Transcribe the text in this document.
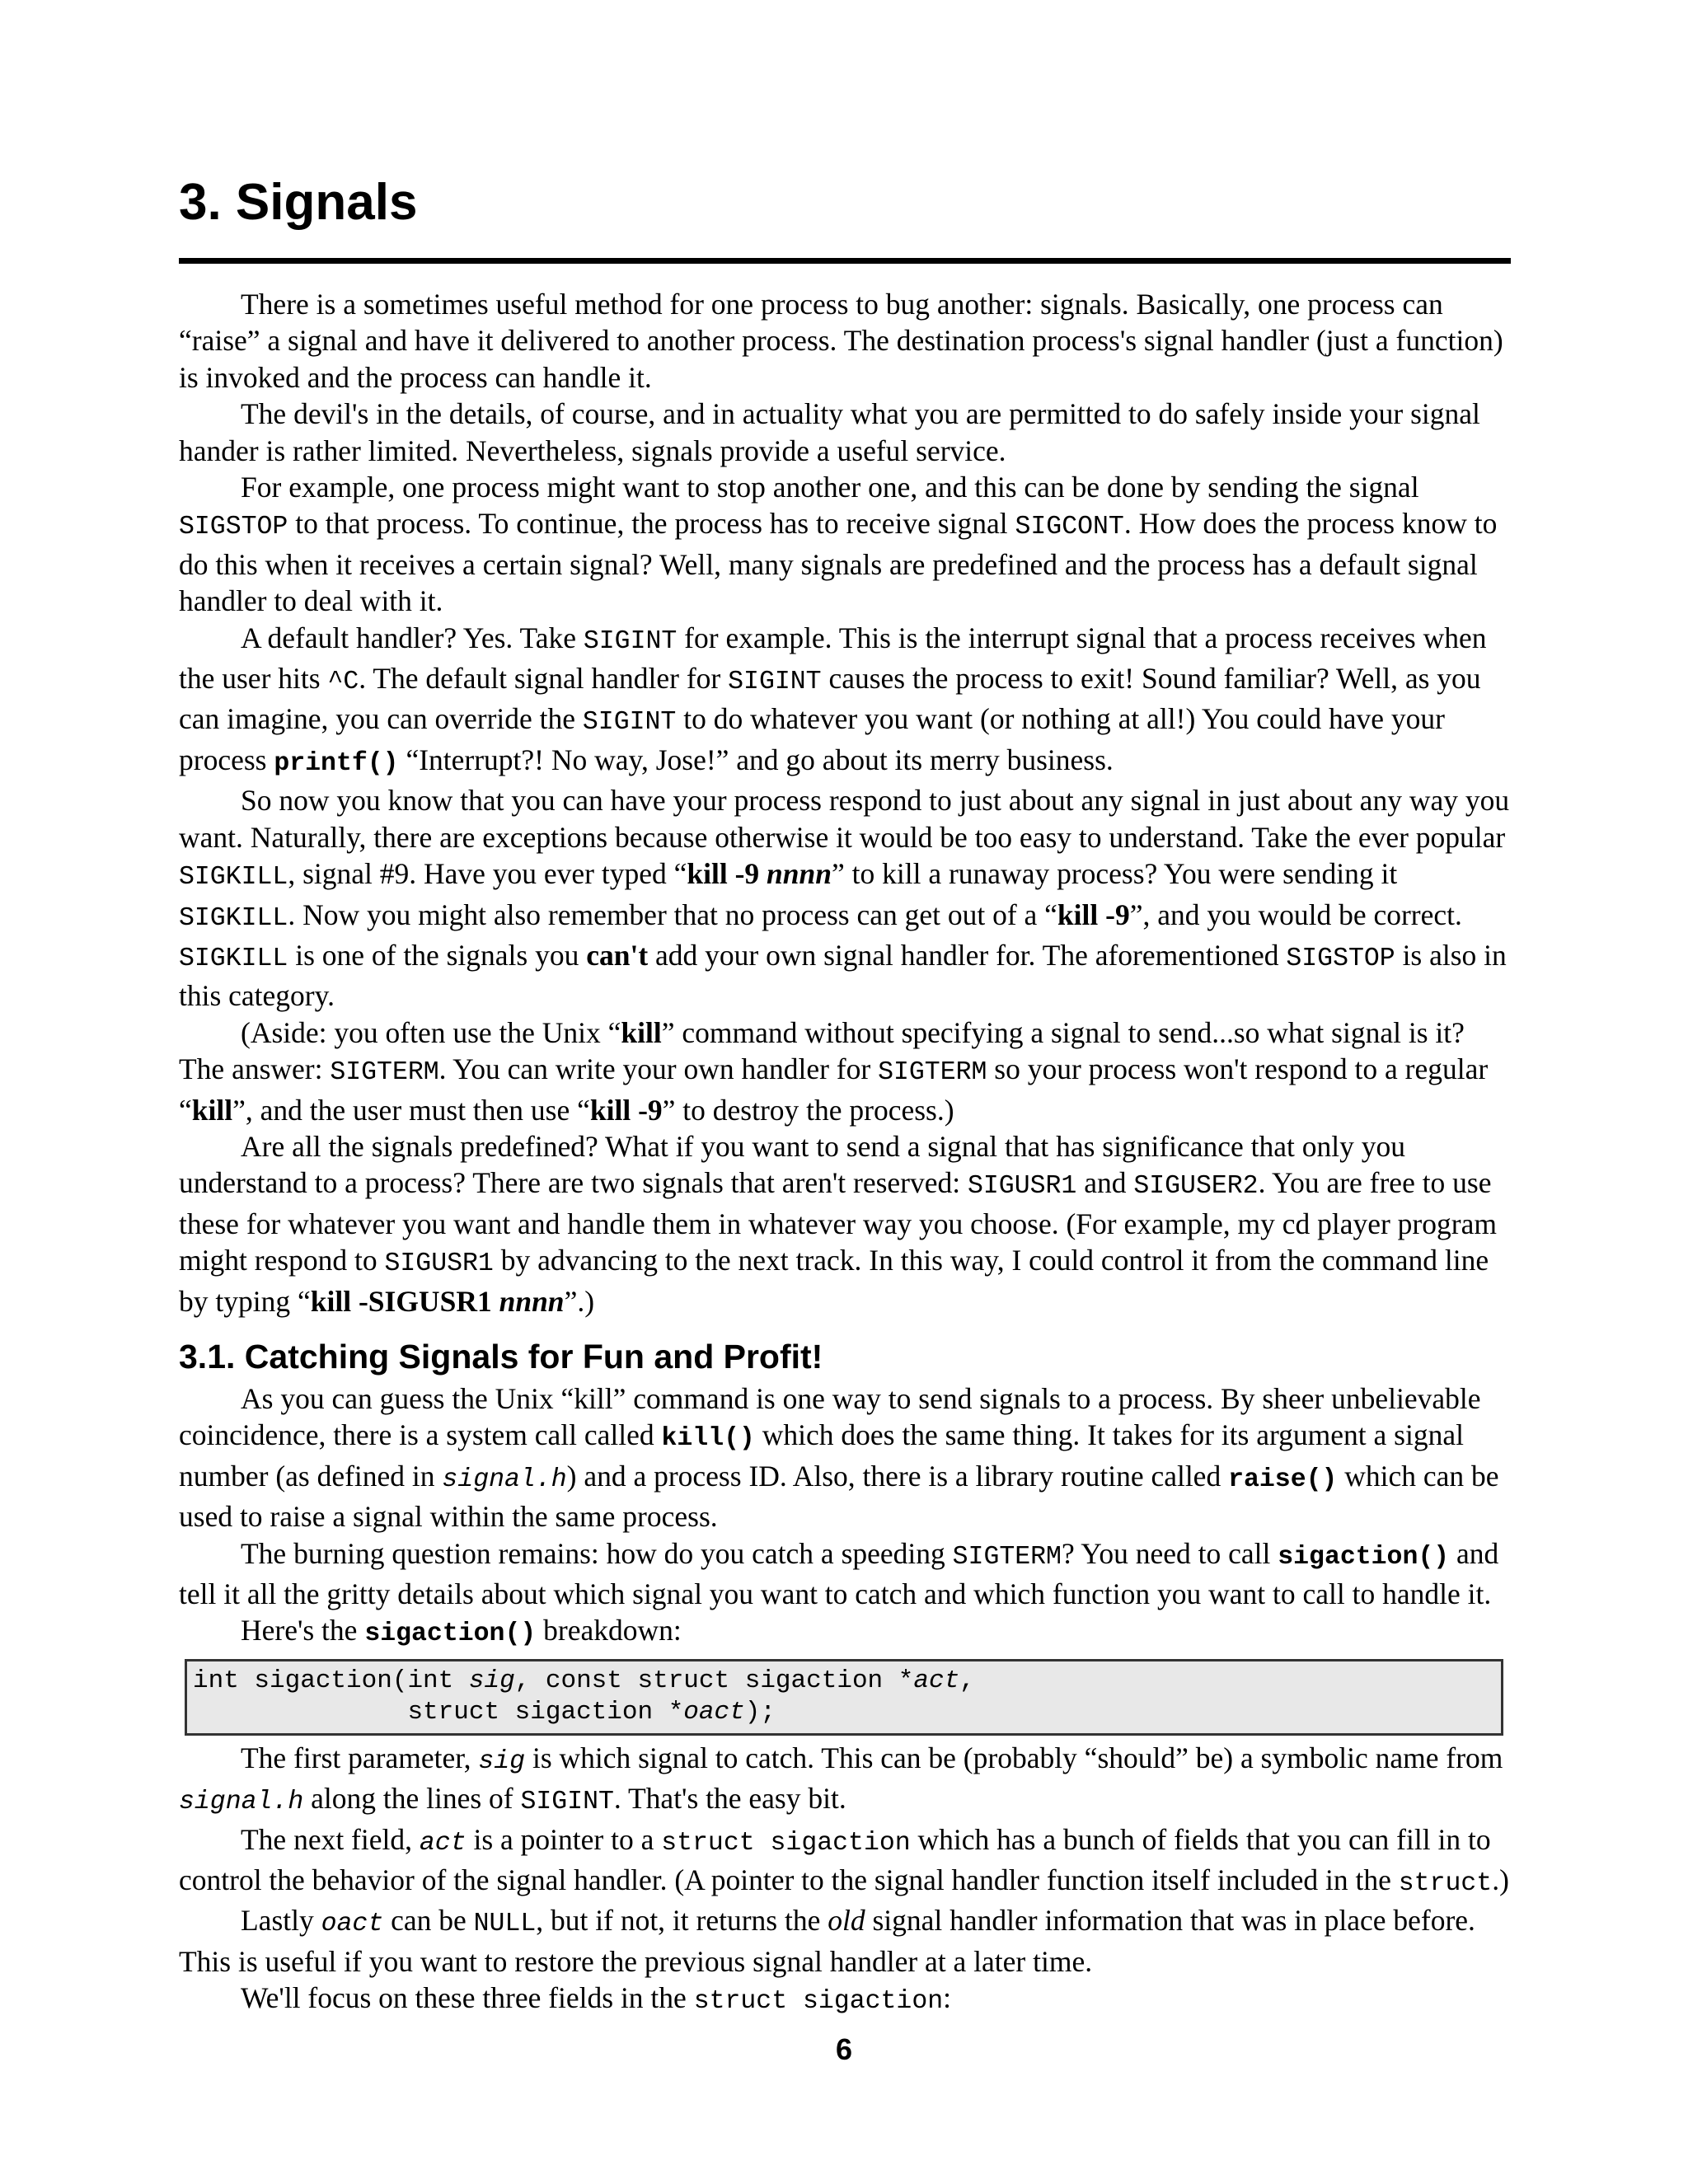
3. Signals

There is a sometimes useful method for one process to bug another: signals. Basically, one process can “raise” a signal and have it delivered to another process. The destination process's signal handler (just a function) is invoked and the process can handle it.

The devil's in the details, of course, and in actuality what you are permitted to do safely inside your signal hander is rather limited. Nevertheless, signals provide a useful service.

For example, one process might want to stop another one, and this can be done by sending the signal SIGSTOP to that process. To continue, the process has to receive signal SIGCONT. How does the process know to do this when it receives a certain signal? Well, many signals are predefined and the process has a default signal handler to deal with it.

A default handler? Yes. Take SIGINT for example. This is the interrupt signal that a process receives when the user hits ^C. The default signal handler for SIGINT causes the process to exit! Sound familiar? Well, as you can imagine, you can override the SIGINT to do whatever you want (or nothing at all!) You could have your process printf() “Interrupt?! No way, Jose!” and go about its merry business.

So now you know that you can have your process respond to just about any signal in just about any way you want. Naturally, there are exceptions because otherwise it would be too easy to understand. Take the ever popular SIGKILL, signal #9. Have you ever typed “kill -9 nnnn” to kill a runaway process? You were sending it SIGKILL. Now you might also remember that no process can get out of a “kill -9”, and you would be correct. SIGKILL is one of the signals you can't add your own signal handler for. The aforementioned SIGSTOP is also in this category.

(Aside: you often use the Unix “kill” command without specifying a signal to send...so what signal is it? The answer: SIGTERM. You can write your own handler for SIGTERM so your process won't respond to a regular “kill”, and the user must then use “kill -9” to destroy the process.)

Are all the signals predefined? What if you want to send a signal that has significance that only you understand to a process? There are two signals that aren't reserved: SIGUSR1 and SIGUSER2. You are free to use these for whatever you want and handle them in whatever way you choose. (For example, my cd player program might respond to SIGUSR1 by advancing to the next track. In this way, I could control it from the command line by typing “kill -SIGUSR1 nnnn”.)

3.1. Catching Signals for Fun and Profit!

As you can guess the Unix “kill” command is one way to send signals to a process. By sheer unbelievable coincidence, there is a system call called kill() which does the same thing. It takes for its argument a signal number (as defined in signal.h) and a process ID. Also, there is a library routine called raise() which can be used to raise a signal within the same process.

The burning question remains: how do you catch a speeding SIGTERM? You need to call sigaction() and tell it all the gritty details about which signal you want to catch and which function you want to call to handle it.

Here's the sigaction() breakdown:

int sigaction(int sig, const struct sigaction *act,
struct sigaction *oact);

The first parameter, sig is which signal to catch. This can be (probably “should” be) a symbolic name from signal.h along the lines of SIGINT. That's the easy bit.

The next field, act is a pointer to a struct sigaction which has a bunch of fields that you can fill in to control the behavior of the signal handler. (A pointer to the signal handler function itself included in the struct.)

Lastly oact can be NULL, but if not, it returns the old signal handler information that was in place before. This is useful if you want to restore the previous signal handler at a later time.

We'll focus on these three fields in the struct sigaction:

6
